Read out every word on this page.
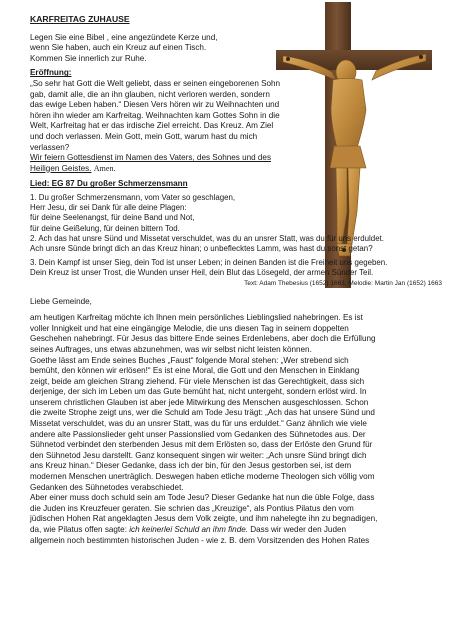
KARFREITAG ZUHAUSE
Legen Sie eine Bibel , eine angezündete Kerze und,
wenn Sie haben, auch ein Kreuz auf einen Tisch.
Kommen Sie innerlich zur Ruhe.
Eröffnung:
„So sehr hat Gott die Welt geliebt, dass er seinen eingeborenen Sohn
gab, damit alle, die an ihn glauben, nicht verloren werden, sondern
das ewige Leben haben.“ Diesen Vers hören wir zu Weihnachten und
hören ihn wieder am Karfreitag. Weihnachten kam Gottes Sohn in die
Welt, Karfreitag hat er das irdische Ziel erreicht. Das Kreuz. Am Ziel
und doch verlassen. Mein Gott, mein Gott, warum hast du mich
verlassen?
Wir feiern Gottesdienst im Namen des Vaters, des Sohnes und des
Heiligen Geistes. Amen.
Lied: EG 87 Du großer Schmerzensmann
1. Du großer Schmerzensmann, vom Vater so geschlagen,
Herr Jesu, dir sei Dank für alle deine Plagen:
für deine Seelenangst, für deine Band und Not,
für deine Geißelung, für deinen bittern Tod.
2. Ach das hat unsre Sünd und Missetat verschuldet, was du an unsrer Statt, was du für uns erduldet.
Ach unsre Sünde bringt dich an das Kreuz hinan; o unbeflecktes Lamm, was hast du sonst getan?
3. Dein Kampf ist unser Sieg, dein Tod ist unser Leben; in deinen Banden ist die Freiheit uns gegeben.
Dein Kreuz ist unser Trost, die Wunden unser Heil, dein Blut das Lösegeld, der armen Sünder Teil.
Text: Adam Thebesius (1652) 1663, Melodie: Martin Jan (1652) 1663
Liebe Gemeinde,
am heutigen Karfreitag möchte ich Ihnen mein persönliches Lieblingslied nahebringen. Es ist
voller Innigkeit und hat eine eingängige Melodie, die uns diesen Tag in seinem doppelten
Geschehen nahebringt. Für Jesus das bittere Ende seines Erdenlebens, aber doch die Erfüllung
seines Auftrages, uns etwas abzunehmen, was wir selbst nicht leisten können.
Goethe lässt am Ende seines Buches „Faust“ folgende Moral stehen: „Wer strebend sich
bemüht, den können wir erlösen!“ Es ist eine Moral, die Gott und den Menschen in Einklang
zeigt, beide am gleichen Strang ziehend. Für viele Menschen ist das Gerechtigkeit, dass sich
derjenige, der sich im Leben um das Gute bemüht hat, nicht untergeht, sondern erlöst wird. In
unserem christlichen Glauben ist aber jede Mitwirkung des Menschen ausgeschlossen. Schon
die zweite Strophe zeigt uns, wer die Schuld am Tode Jesu trägt: „Ach das hat unsere Sünd und
Missetat verschuldet, was du an unsrer Statt, was du für uns erduldet.“ Ganz ähnlich wie viele
andere alte Passionslieder geht unser Passionslied vom Gedanken des Sühnetodes aus. Der
Sühnetod verbindet den sterbenden Jesus mit dem Erlösten so, dass der Erlöste den Grund für
den Sühnetod Jesu darstellt. Ganz konsequent singen wir weiter: „Ach unsre Sünd bringt dich
ans Kreuz hinan.“ Dieser Gedanke, dass ich der bin, für den Jesus gestorben sei, ist dem
modernen Menschen unerträglich. Deswegen haben etliche moderne Theologen sich völlig vom
Gedanken des Sühnetodes verabschiedet.
Aber einer muss doch schuld sein am Tode Jesu? Dieser Gedanke hat nun die üble Folge, dass
die Juden ins Kreuzfeuer geraten. Sie schrien das „Kreuzige“, als Pontius Pilatus den vom
jüdischen Hohen Rat angeklagten Jesus dem Volk zeigte, und ihm nahelegte ihn zu begnadigen,
da, wie Pilatus offen sagte: ich keinerlei Schuld an ihm finde. Dass wir weder den Juden
allgemein noch bestimmten historischen Juden - wie z. B. dem Vorsitzenden des Hohen Rates
